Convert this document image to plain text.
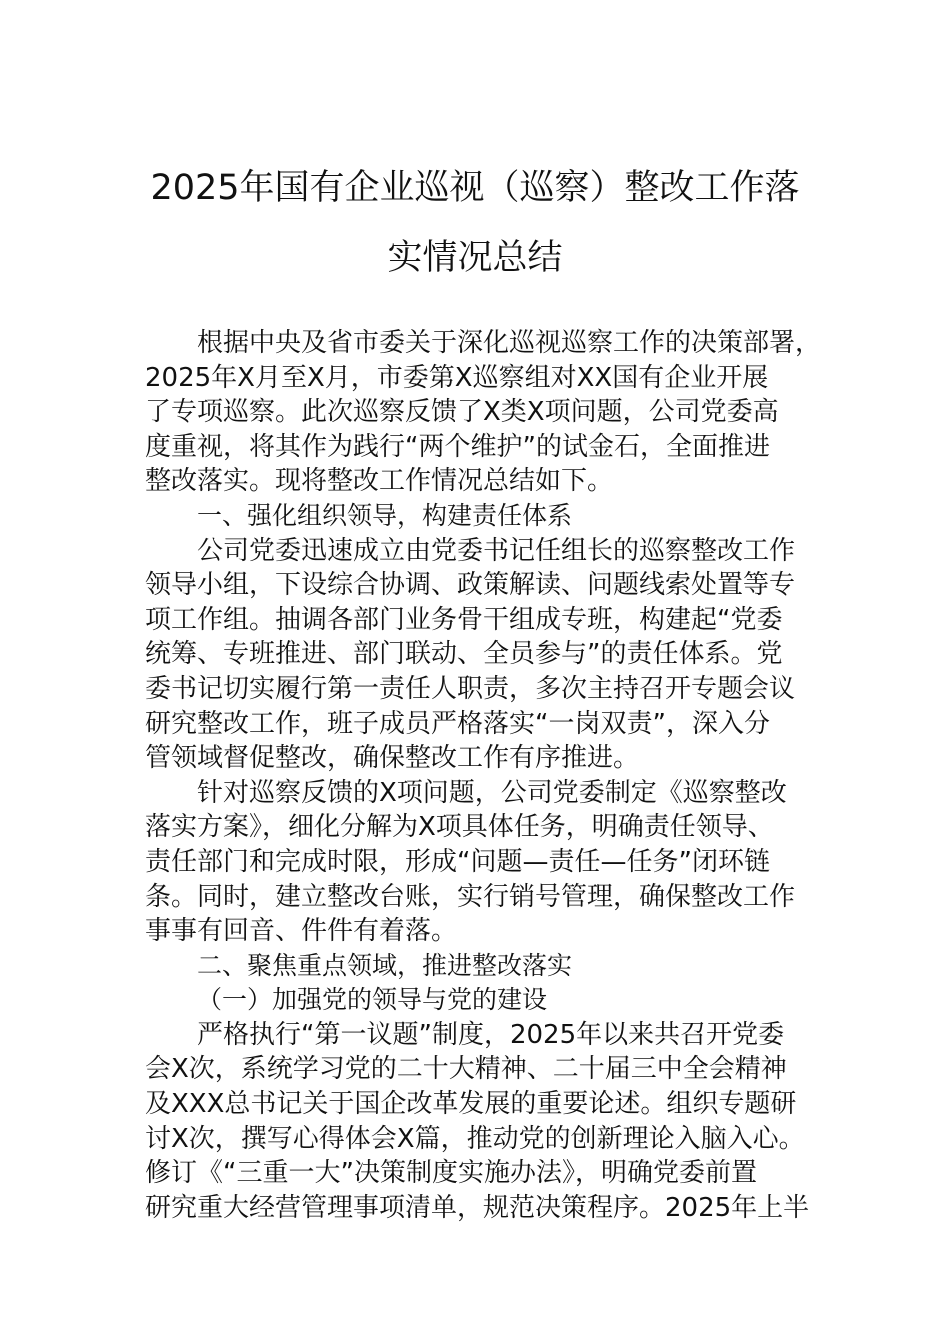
2025年国有企业巡视（巡察）整改工作落
实情况总结
根据中央及省市委关于深化巡视巡察工作的决策部署，
2025年X月至X月，市委第X巡察组对XX国有企业开展
了专项巡察。此次巡察反馈了X类X项问题，公司党委高
度重视，将其作为践行“两个维护”的试金石，全面推进
整改落实。现将整改工作情况总结如下。
一、强化组织领导，构建责任体系
公司党委迅速成立由党委书记任组长的巡察整改工作
领导小组，下设综合协调、政策解读、问题线索处置等专
项工作组。抽调各部门业务骨干组成专班，构建起“党委
统筹、专班推进、部门联动、全员参与”的责任体系。党
委书记切实履行第一责任人职责，多次主持召开专题会议
研究整改工作，班子成员严格落实“一岗双责”，深入分
管领域督促整改，确保整改工作有序推进。
针对巡察反馈的X项问题，公司党委制定《巡察整改
落实方案》，细化分解为X项具体任务，明确责任领导、
责任部门和完成时限，形成“问题—责任—任务”闭环链
条。同时，建立整改台账，实行销号管理，确保整改工作
事事有回音、件件有着落。
二、聚焦重点领域，推进整改落实
（一）加强党的领导与党的建设
严格执行“第一议题”制度，2025年以来共召开党委
会X次，系统学习党的二十大精神、二十届三中全会精神
及XXX总书记关于国企改革发展的重要论述。组织专题研
讨X次，撰写心得体会X篇，推动党的创新理论入脑入心。
修订《“三重一大”决策制度实施办法》，明确党委前置
研究重大经营管理事项清单，规范决策程序。2025年上半
